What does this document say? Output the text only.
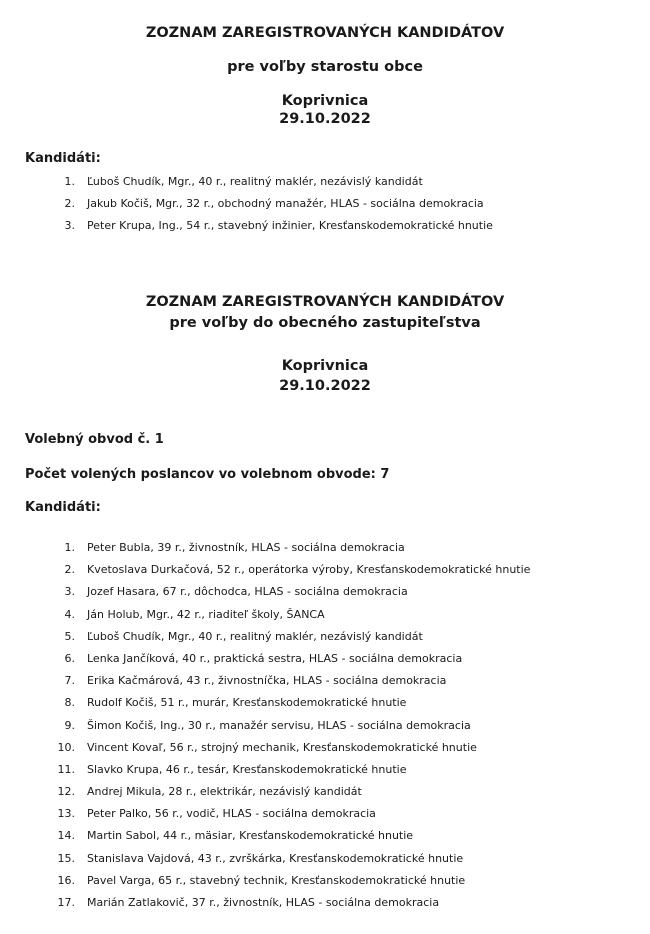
ZOZNAM ZAREGISTROVANÝCH KANDIDÁTOV
pre voľby starostu obce
Koprivnica
29.10.2022
Kandidáti:
1. Ľuboš Chudík, Mgr., 40 r., realitný maklér, nezávislý kandidát
2. Jakub Kočiš, Mgr., 32 r., obchodný manažér, HLAS - sociálna demokracia
3. Peter Krupa, Ing., 54 r., stavebný inžinier, Kresťanskodemokratické hnutie
ZOZNAM ZAREGISTROVANÝCH KANDIDÁTOV
pre voľby do obecného zastupiteľstva
Koprivnica
29.10.2022
Volebný obvod č. 1
Počet volených poslancov vo volebnom obvode: 7
Kandidáti:
1. Peter Bubla, 39 r., živnostník, HLAS - sociálna demokracia
2. Kvetoslava Durkačová, 52 r., operátorka výroby, Kresťanskodemokratické hnutie
3. Jozef Hasara, 67 r., dôchodca, HLAS - sociálna demokracia
4. Ján Holub, Mgr., 42 r., riaditeľ školy, ŠANCA
5. Ľuboš Chudík, Mgr., 40 r., realitný maklér, nezávislý kandidát
6. Lenka Jančíková, 40 r., praktická sestra, HLAS - sociálna demokracia
7. Erika Kačmárová, 43 r., živnostníčka, HLAS - sociálna demokracia
8. Rudolf Kočiš, 51 r., murár, Kresťanskodemokratické hnutie
9. Šimon Kočiš, Ing., 30 r., manažér servisu, HLAS - sociálna demokracia
10. Vincent Kovaľ, 56 r., strojný mechanik, Kresťanskodemokratické hnutie
11. Slavko Krupa, 46 r., tesár, Kresťanskodemokratické hnutie
12. Andrej Mikula, 28 r., elektrikár, nezávislý kandidát
13. Peter Palko, 56 r., vodič, HLAS - sociálna demokracia
14. Martin Sabol, 44 r., mäsiar, Kresťanskodemokratické hnutie
15. Stanislava Vajdová, 43 r., zvrškárka, Kresťanskodemokratické hnutie
16. Pavel Varga, 65 r., stavebný technik, Kresťanskodemokratické hnutie
17. Marián Zatlakovič, 37 r., živnostník, HLAS - sociálna demokracia
